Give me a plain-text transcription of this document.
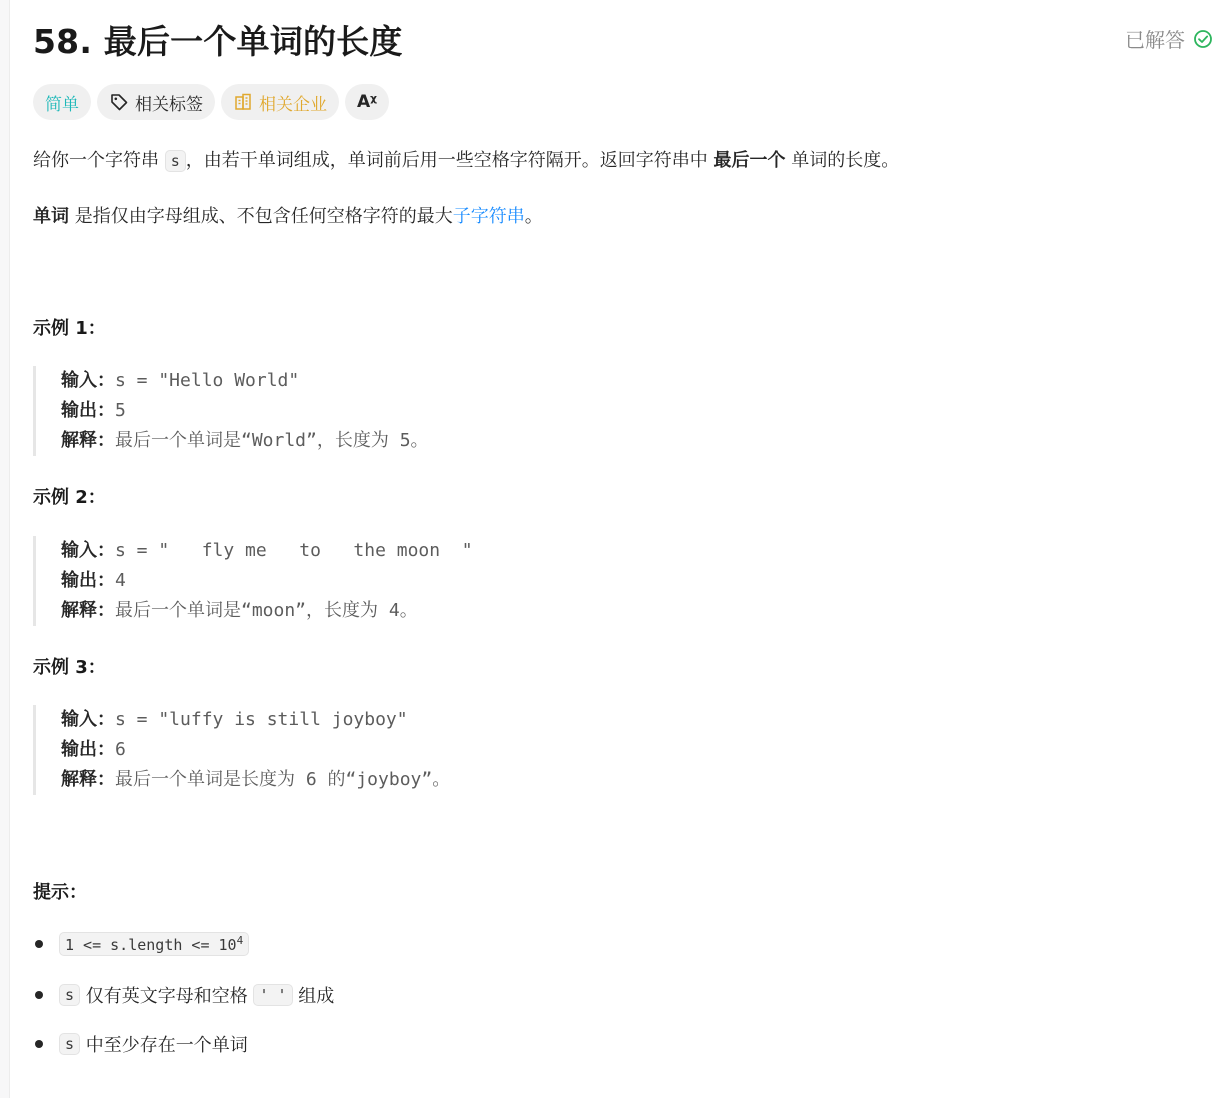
58. 最后一个单词的长度	已解答
简单	相关标签	相关企业 Aᵡ
给你一个字符串 s ，由若干单词组成，单词前后用一些空格字符隔开。返回字符串中 最后一个 单词的长度。
单词 是指仅由字母组成、不包含任何空格字符的最大子字符串。
示例 1：
输入：s = "Hello World"
输出：5
解释：最后一个单词是“World”，长度为 5。
示例 2：
输入：s = "   fly me   to   the moon  "
输出：4
解释：最后一个单词是“moon”，长度为 4。
示例 3：
输入：s = "luffy is still joyboy"
输出：6
解释：最后一个单词是长度为 6 的“joyboy”。
提示：
1 <= s.length <= $10^4$
s 仅有英文字母和空格 ' ' 组成
s 中至少存在一个单词
